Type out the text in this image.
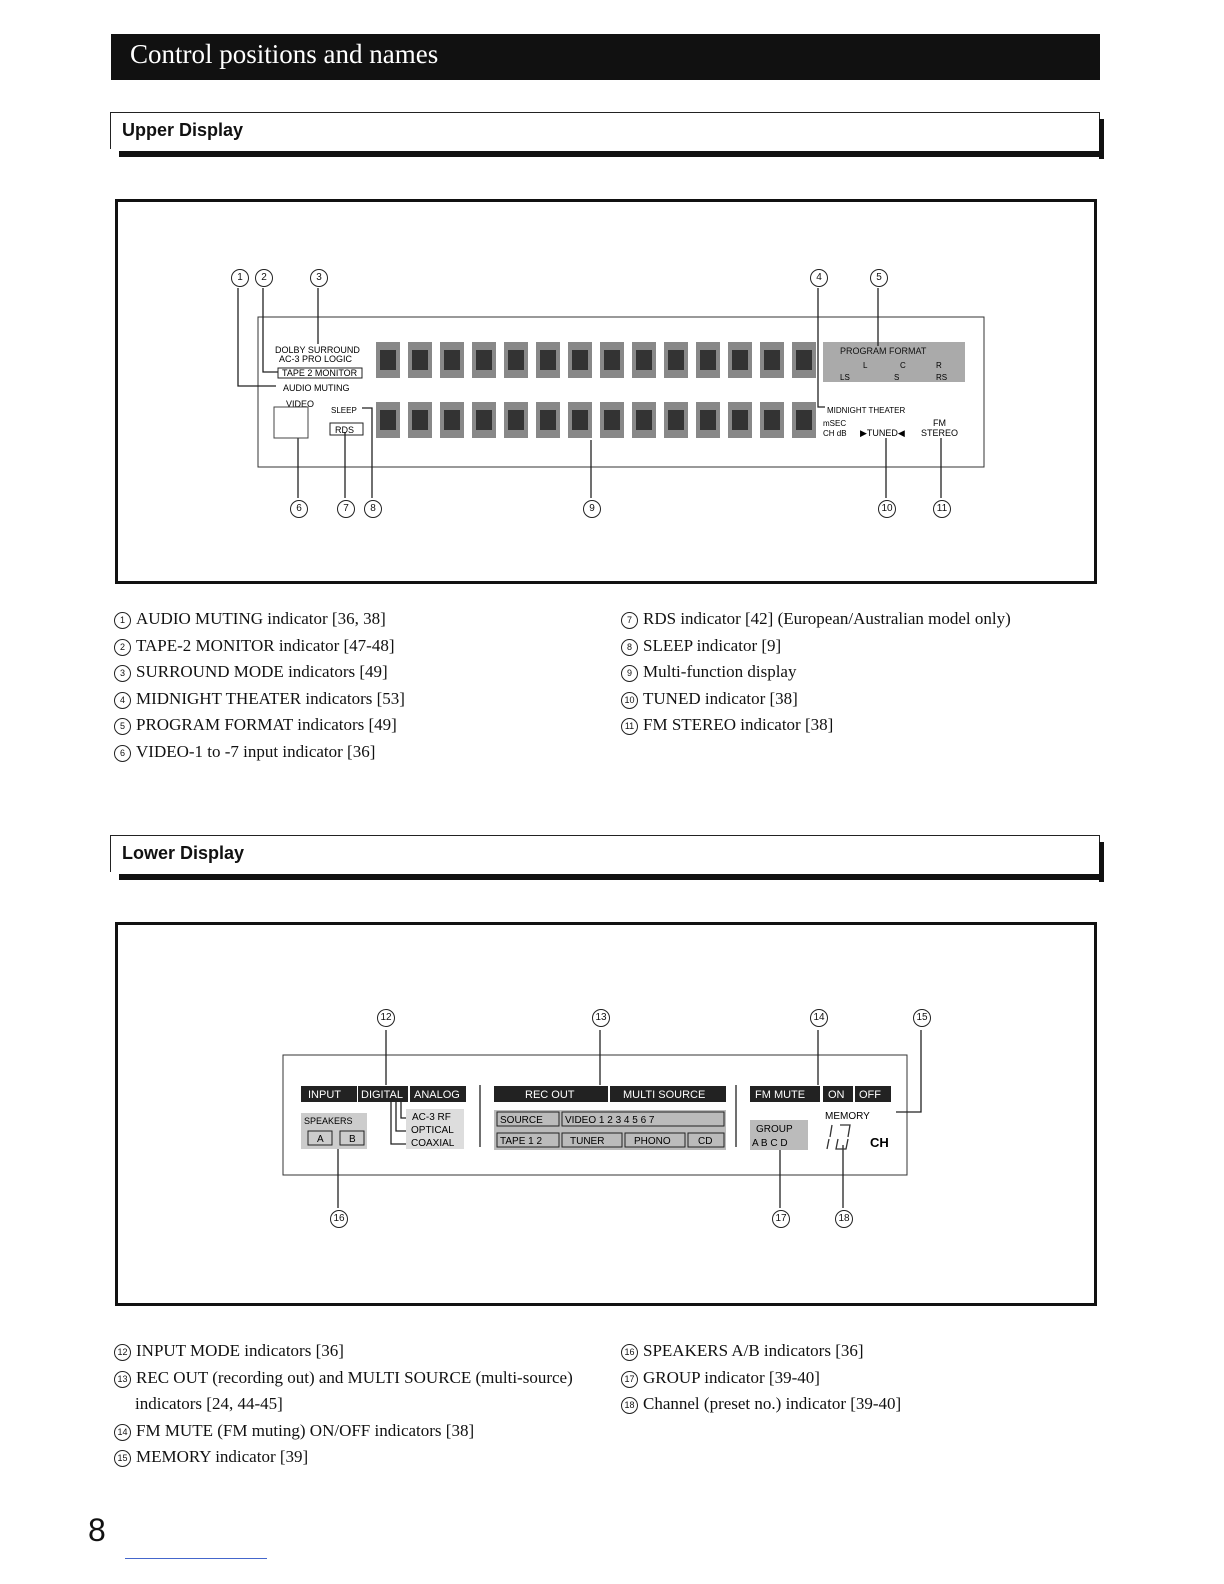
Control positions and names
Upper Display
DOLBY SURROUND
AC-3 PRO LOGIC
TAPE 2 MONITOR
AUDIO MUTING
VIDEO
SLEEP
RDS
PROGRAM FORMAT
L	C	R
LS	S	RS
MIDNIGHT THEATER
mSEC
CH dB ▶TUNED◀
FM
STEREO
1	2	3	4	5
6	7	8	9	10	11
1 AUDIO MUTING indicator [36, 38]
2 TAPE-2 MONITOR indicator [47-48]
3 SURROUND MODE indicators [49]
4 MIDNIGHT THEATER indicators [53]
5 PROGRAM FORMAT indicators [49]
6 VIDEO-1 to -7 input indicator [36]
7 RDS indicator [42] (European/Australian model only)
8 SLEEP indicator [9]
9 Multi-function display
10 TUNED indicator [38]
11 FM STEREO indicator [38]
Lower Display
INPUT DIGITAL ANALOG
SPEAKERS
A	B
AC-3 RF
OPTICAL
COAXIAL
REC OUT	MULTI SOURCE
SOURCE VIDEO 1 2 3 4 5 6 7
TAPE 1 2	TUNER	PHONO	CD
FM MUTE ON OFF
MEMORY
GROUP
A B C D	CH
12	13	14	15
16	17	18
12 INPUT MODE indicators [36]
13 REC OUT (recording out) and MULTI SOURCE (multi-source)
indicators [24, 44-45]
14 FM MUTE (FM muting) ON/OFF indicators [38]
15 MEMORY indicator [39]
16 SPEAKERS A/B indicators [36]
17 GROUP indicator [39-40]
18 Channel (preset no.) indicator [39-40]
8
